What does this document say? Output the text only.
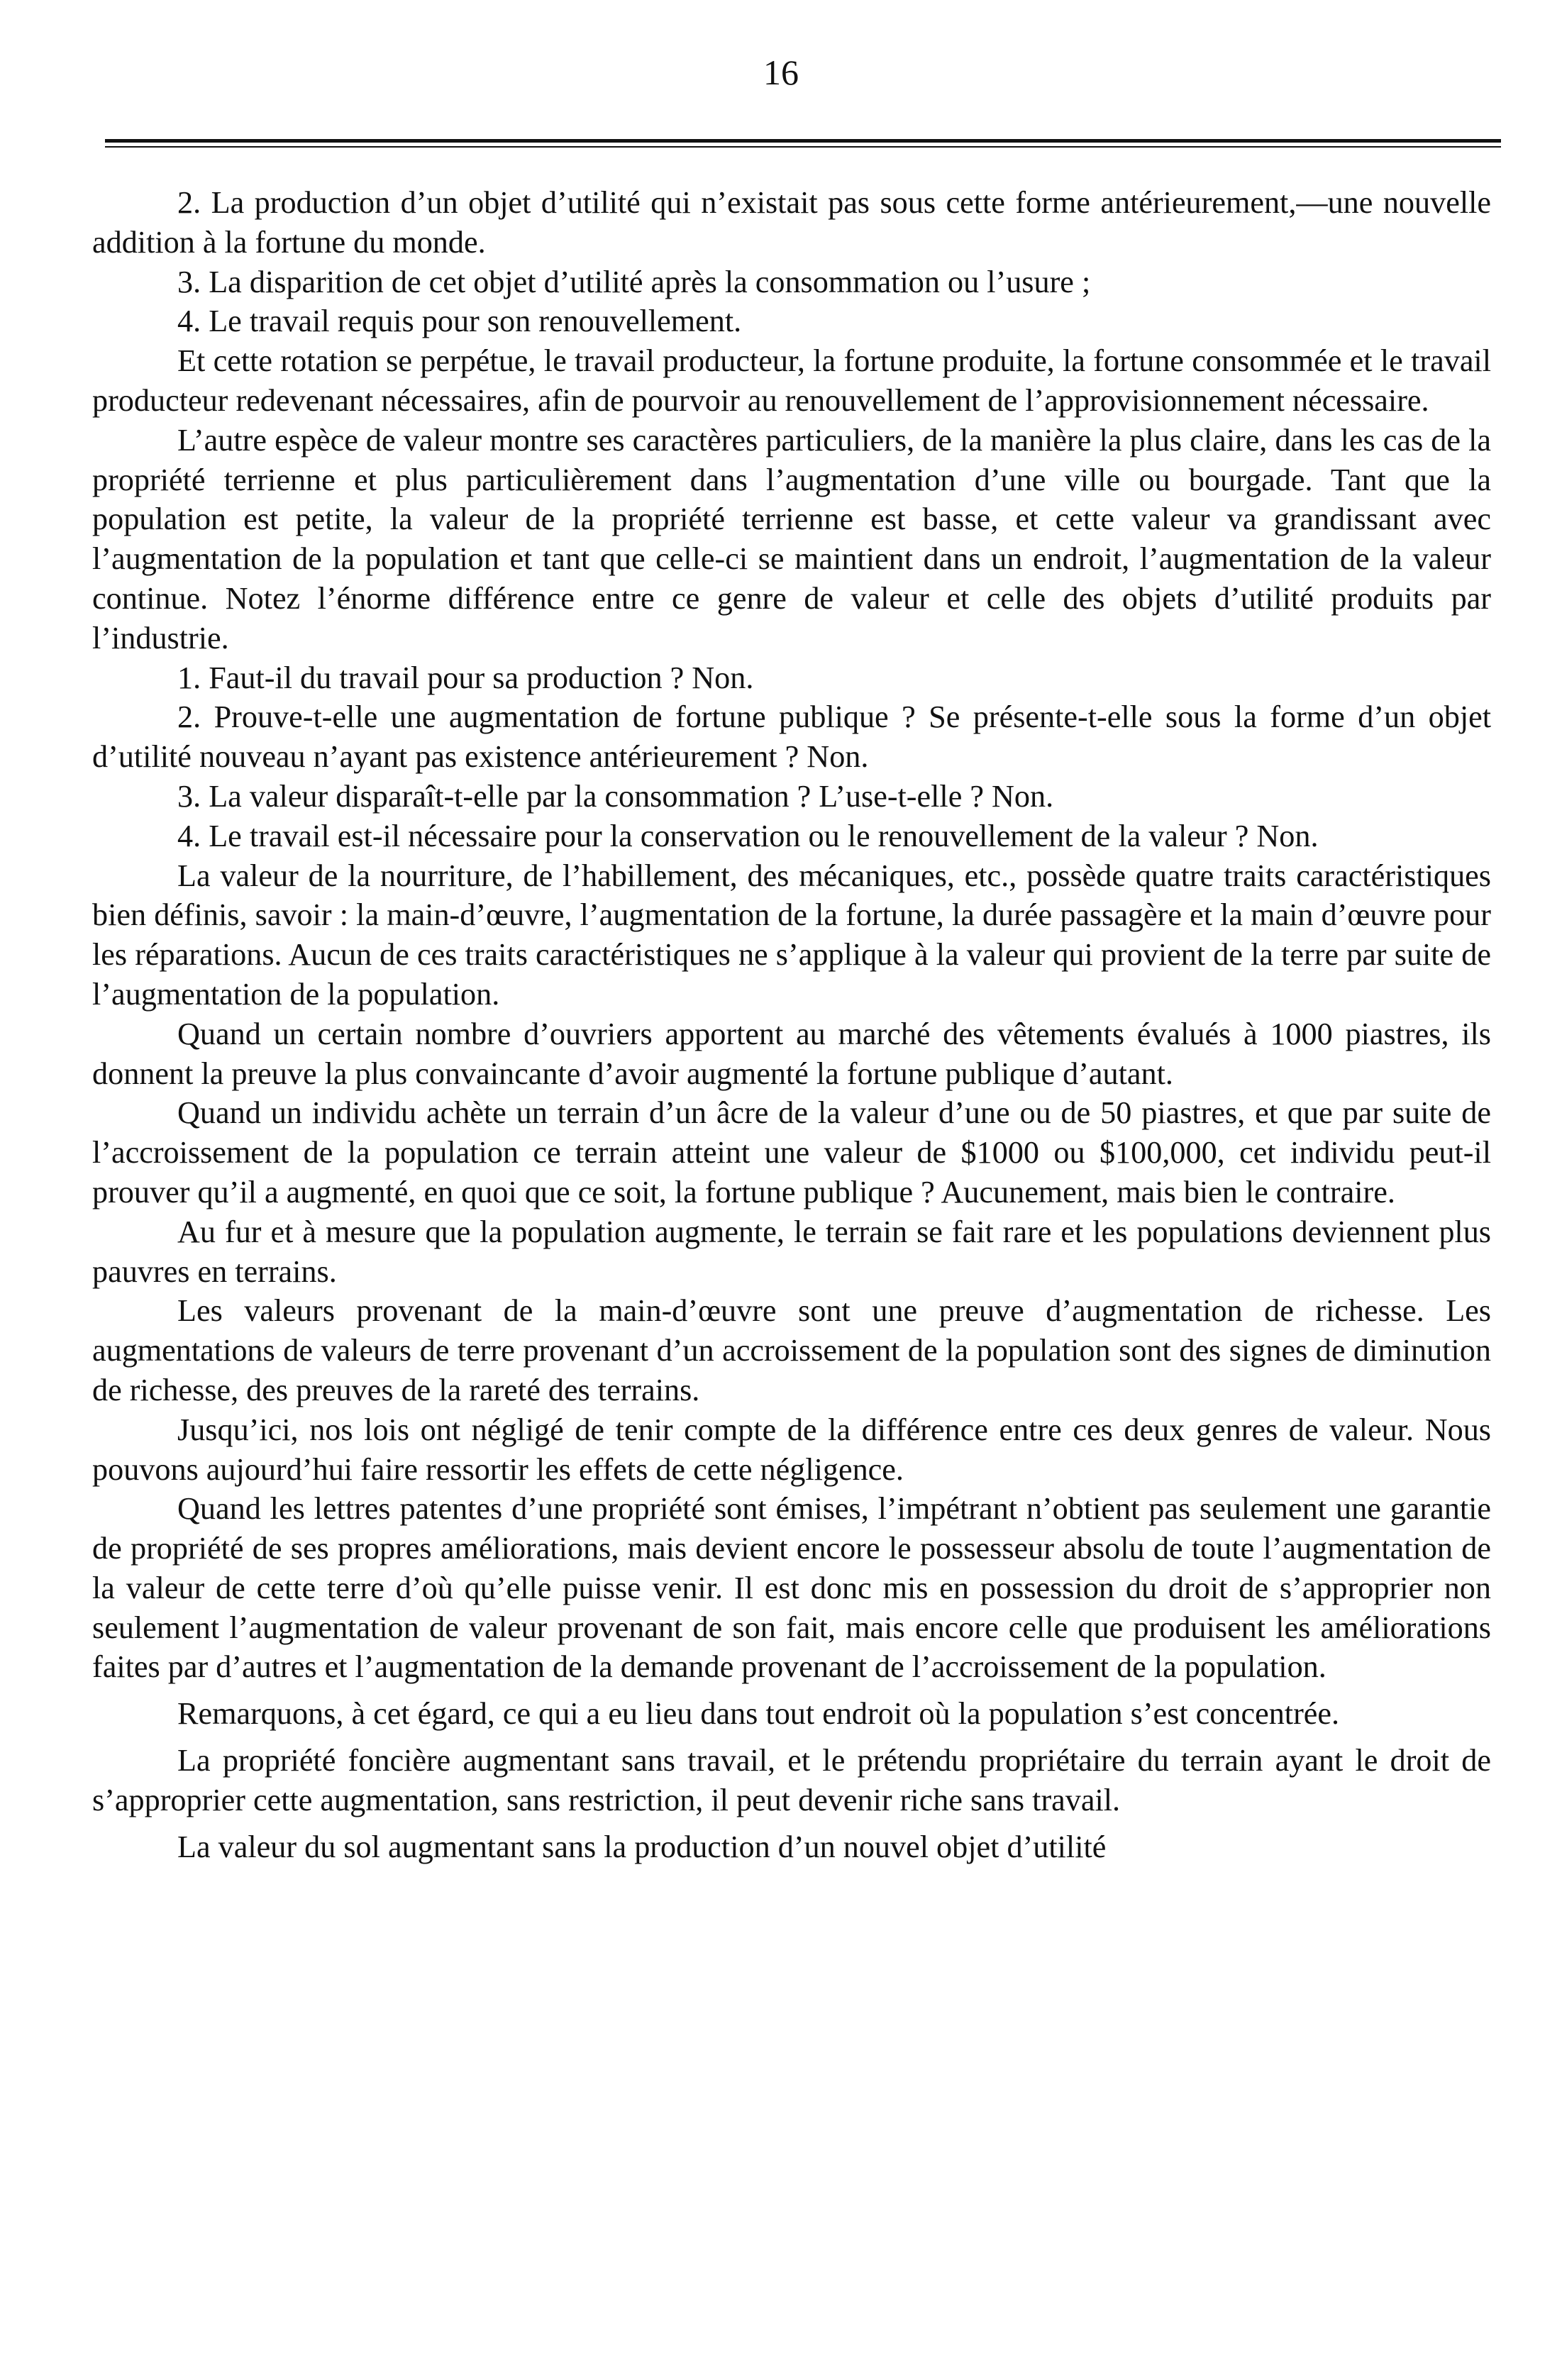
16

2. La production d’un objet d’utilité qui n’existait pas sous cette forme antérieurement,—une nouvelle addition à la fortune du monde.

3. La disparition de cet objet d’utilité après la consommation ou l’usure ;

4. Le travail requis pour son renouvellement.

Et cette rotation se perpétue, le travail producteur, la fortune produite, la fortune consommée et le travail producteur redevenant nécessaires, afin de pourvoir au renouvellement de l’approvisionnement nécessaire.

L’autre espèce de valeur montre ses caractères particuliers, de la manière la plus claire, dans les cas de la propriété terrienne et plus particulièrement dans l’augmentation d’une ville ou bourgade. Tant que la population est petite, la valeur de la propriété terrienne est basse, et cette valeur va grandissant avec l’augmentation de la population et tant que celle-ci se maintient dans un endroit, l’augmentation de la valeur continue. Notez l’énorme différence entre ce genre de valeur et celle des objets d’utilité produits par l’industrie.

1. Faut-il du travail pour sa production ? Non.

2. Prouve-t-elle une augmentation de fortune publique ? Se présente-t-elle sous la forme d’un objet d’utilité nouveau n’ayant pas existence antérieurement ? Non.

3. La valeur disparaît-t-elle par la consommation ? L’use-t-elle ? Non.

4. Le travail est-il nécessaire pour la conservation ou le renouvellement de la valeur ? Non.

La valeur de la nourriture, de l’habillement, des mécaniques, etc., possède quatre traits caractéristiques bien définis, savoir : la main-d’œuvre, l’augmentation de la fortune, la durée passagère et la main d’œuvre pour les réparations. Aucun de ces traits caractéristiques ne s’applique à la valeur qui provient de la terre par suite de l’augmentation de la population.

Quand un certain nombre d’ouvriers apportent au marché des vêtements évalués à 1000 piastres, ils donnent la preuve la plus convaincante d’avoir augmenté la fortune publique d’autant.

Quand un individu achète un terrain d’un âcre de la valeur d’une ou de 50 piastres, et que par suite de l’accroissement de la population ce terrain atteint une valeur de $1000 ou $100,000, cet individu peut-il prouver qu’il a augmenté, en quoi que ce soit, la fortune publique ? Aucunement, mais bien le contraire.

Au fur et à mesure que la population augmente, le terrain se fait rare et les populations deviennent plus pauvres en terrains.

Les valeurs provenant de la main-d’œuvre sont une preuve d’augmentation de richesse. Les augmentations de valeurs de terre provenant d’un accroissement de la population sont des signes de diminution de richesse, des preuves de la rareté des terrains.

Jusqu’ici, nos lois ont négligé de tenir compte de la différence entre ces deux genres de valeur. Nous pouvons aujourd’hui faire ressortir les effets de cette négligence.

Quand les lettres patentes d’une propriété sont émises, l’impétrant n’obtient pas seulement une garantie de propriété de ses propres améliorations, mais devient encore le possesseur absolu de toute l’augmentation de la valeur de cette terre d’où qu’elle puisse venir. Il est donc mis en possession du droit de s’approprier non seulement l’augmentation de valeur provenant de son fait, mais encore celle que produisent les améliorations faites par d’autres et l’augmentation de la demande provenant de l’accroissement de la population.

Remarquons, à cet égard, ce qui a eu lieu dans tout endroit où la population s’est concentrée.

La propriété foncière augmentant sans travail, et le prétendu propriétaire du terrain ayant le droit de s’approprier cette augmentation, sans restriction, il peut devenir riche sans travail.

La valeur du sol augmentant sans la production d’un nouvel objet d’utilité
